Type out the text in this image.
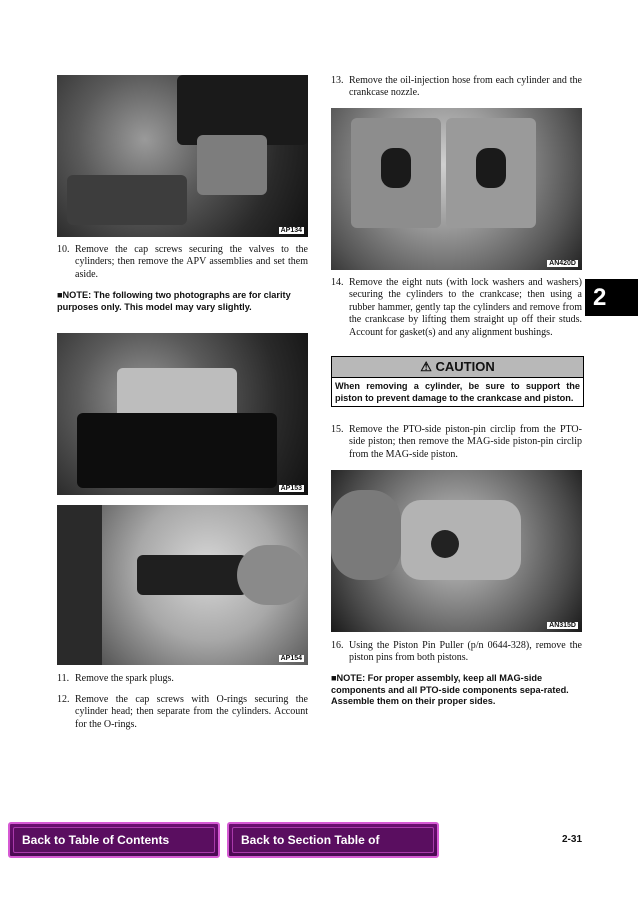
AP134
10. Remove the cap screws securing the valves to the cylinders; then remove the APV assemblies and set them aside.
■NOTE: The following two photographs are for clarity purposes only. This model may vary slightly.
AP153
AP154
11. Remove the spark plugs.
12. Remove the cap screws with O-rings securing the cylinder head; then separate from the cylinders. Account for the O-rings.
13. Remove the oil-injection hose from each cylinder and the crankcase nozzle.
AN420D
2
14. Remove the eight nuts (with lock washers and washers) securing the cylinders to the crankcase; then using a rubber hammer, gently tap the cylinders and remove from the crankcase by lifting them straight up off their studs. Account for gasket(s) and any alignment bushings.
⚠ CAUTION
When removing a cylinder, be sure to support the piston to prevent damage to the crankcase and piston.
15. Remove the PTO-side piston-pin circlip from the PTO-side piston; then remove the MAG-side piston-pin circlip from the MAG-side piston.
AN315D
16. Using the Piston Pin Puller (p/n 0644-328), remove the piston pins from both pistons.
■NOTE: For proper assembly, keep all MAG-side components and all PTO-side components sepa-rated. Assemble them on their proper sides.
Back to Table of Contents	Back to Section Table of Contents
2-31
